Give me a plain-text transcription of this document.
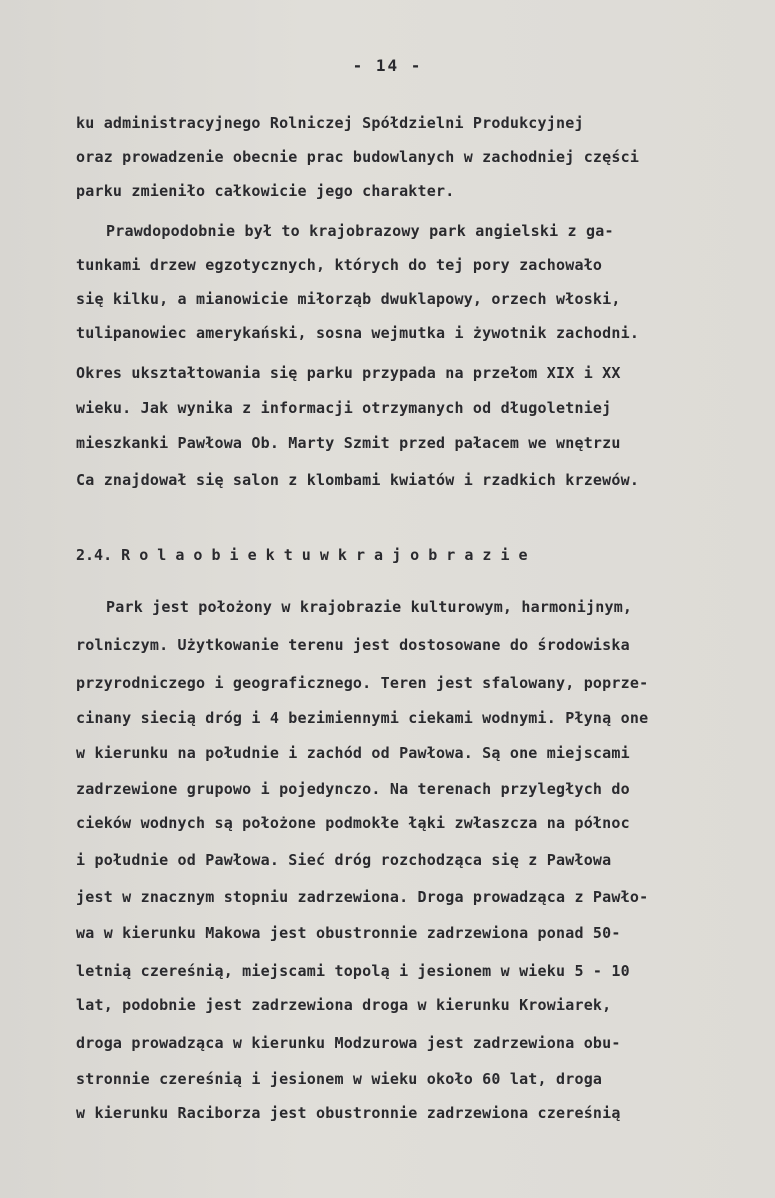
- 14 -
ku administracyjnego Rolniczej Spółdzielni Produkcyjnej
oraz prowadzenie obecnie prac budowlanych w zachodniej części
parku zmieniło całkowicie jego charakter.
Prawdopodobnie był to krajobrazowy park angielski z ga-
tunkami drzew egzotycznych, których do tej pory zachowało
się kilku, a mianowicie miłorząb dwuklapowy, orzech włoski,
tulipanowiec amerykański, sosna wejmutka i żywotnik zachodni.
Okres ukształtowania się parku przypada na przełom XIX i XX
wieku. Jak wynika z informacji otrzymanych od długoletniej
mieszkanki Pawłowa Ob. Marty Szmit przed pałacem we wnętrzu
Ca znajdował się salon z klombami kwiatów i rzadkich krzewów.
2.4. R o l a o b i e k t u w k r a j o b r a z i e
Park jest położony w krajobrazie kulturowym, harmonijnym,
rolniczym. Użytkowanie terenu jest dostosowane do środowiska
przyrodniczego i geograficznego. Teren jest sfalowany, poprze-
cinany siecią dróg i 4 bezimiennymi ciekami wodnymi. Płyną one
w kierunku na południe i zachód od Pawłowa. Są one miejscami
zadrzewione grupowo i pojedynczo. Na terenach przyległych do
cieków wodnych są położone podmokłe łąki zwłaszcza na północ
i południe od Pawłowa. Sieć dróg rozchodząca się z Pawłowa
jest w znacznym stopniu zadrzewiona. Droga prowadząca z Pawło-
wa w kierunku Makowa jest obustronnie zadrzewiona ponad 50-
letnią czereśnią, miejscami topolą i jesionem w wieku 5 - 10
lat, podobnie jest zadrzewiona droga w kierunku Krowiarek,
droga prowadząca w kierunku Modzurowa jest zadrzewiona obu-
stronnie czereśnią i jesionem w wieku około 60 lat, droga
w kierunku Raciborza jest obustronnie zadrzewiona czereśnią
